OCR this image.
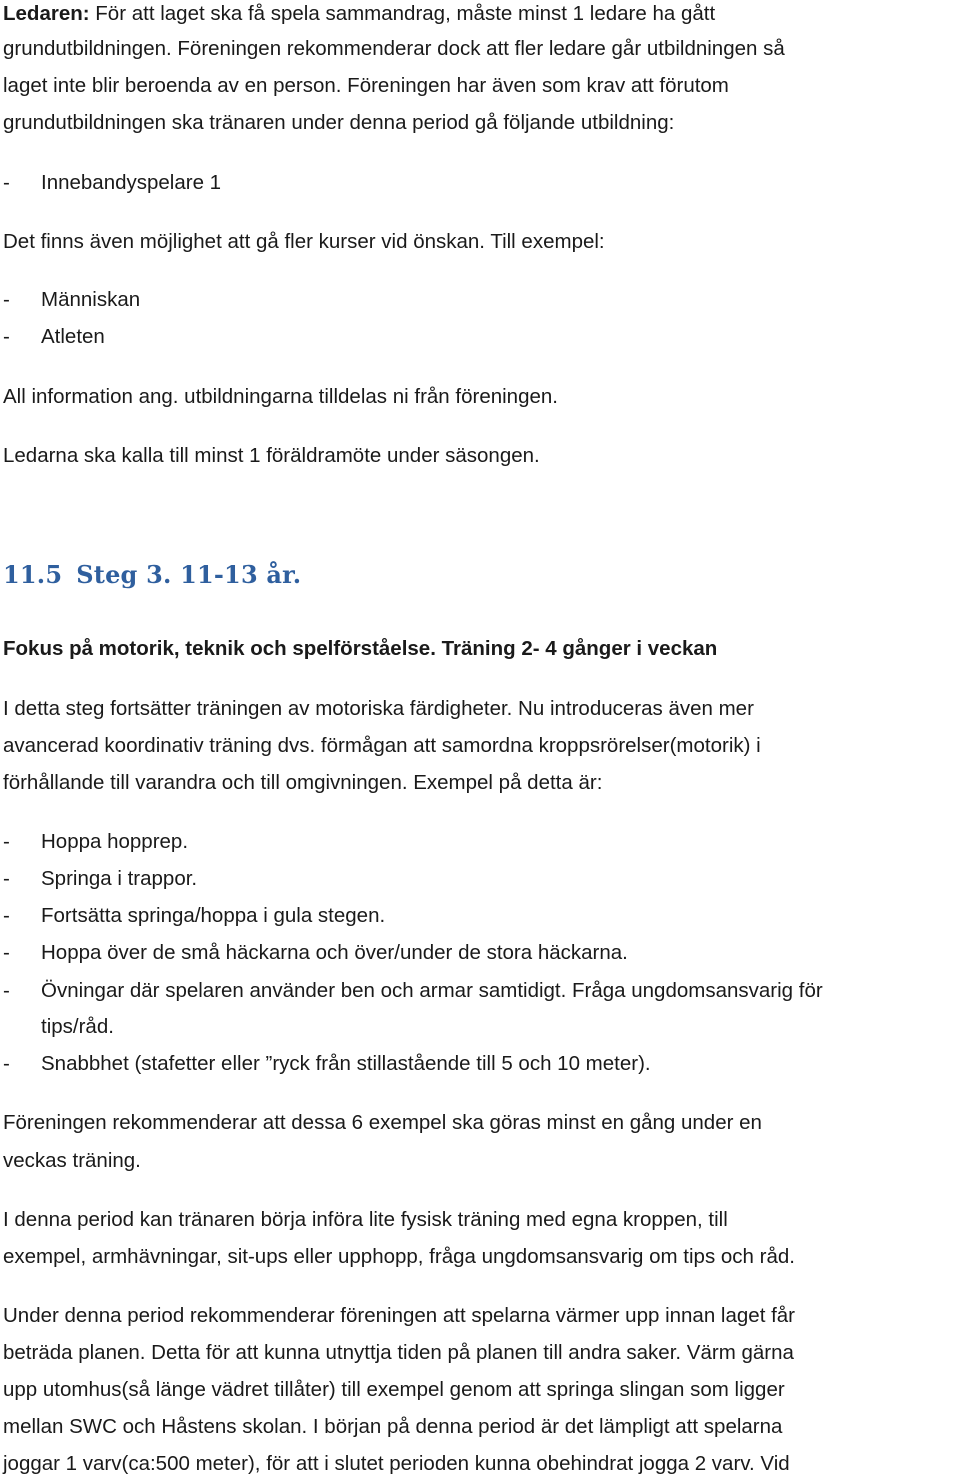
Ledaren: För att laget ska få spela sammandrag, måste minst 1 ledare ha gått
grundutbildningen. Föreningen rekommenderar dock att fler ledare går utbildningen så
laget inte blir beroenda av en person. Föreningen har även som krav att förutom
grundutbildningen ska tränaren under denna period gå följande utbildning:
- Innebandyspelare 1
Det finns även möjlighet att gå fler kurser vid önskan. Till exempel:
- Människan
- Atleten
All information ang. utbildningarna tilldelas ni från föreningen.
Ledarna ska kalla till minst 1 föräldramöte under säsongen.
11.5 Steg 3. 11-13 år.
Fokus på motorik, teknik och spelförståelse. Träning 2- 4 gånger i veckan
I detta steg fortsätter träningen av motoriska färdigheter. Nu introduceras även mer
avancerad koordinativ träning dvs. förmågan att samordna kroppsrörelser(motorik) i
förhållande till varandra och till omgivningen. Exempel på detta är:
- Hoppa hopprep.
- Springa i trappor.
- Fortsätta springa/hoppa i gula stegen.
- Hoppa över de små häckarna och över/under de stora häckarna.
- Övningar där spelaren använder ben och armar samtidigt. Fråga ungdomsansvarig för
tips/råd.
- Snabbhet (stafetter eller ”ryck från stillastående till 5 och 10 meter).
Föreningen rekommenderar att dessa 6 exempel ska göras minst en gång under en
veckas träning.
I denna period kan tränaren börja införa lite fysisk träning med egna kroppen, till
exempel, armhävningar, sit-ups eller upphopp, fråga ungdomsansvarig om tips och råd.
Under denna period rekommenderar föreningen att spelarna värmer upp innan laget får
beträda planen. Detta för att kunna utnyttja tiden på planen till andra saker. Värm gärna
upp utomhus(så länge vädret tillåter) till exempel genom att springa slingan som ligger
mellan SWC och Håstens skolan. I början på denna period är det lämpligt att spelarna
joggar 1 varv(ca:500 meter), för att i slutet perioden kunna obehindrat jogga 2 varv. Vid
